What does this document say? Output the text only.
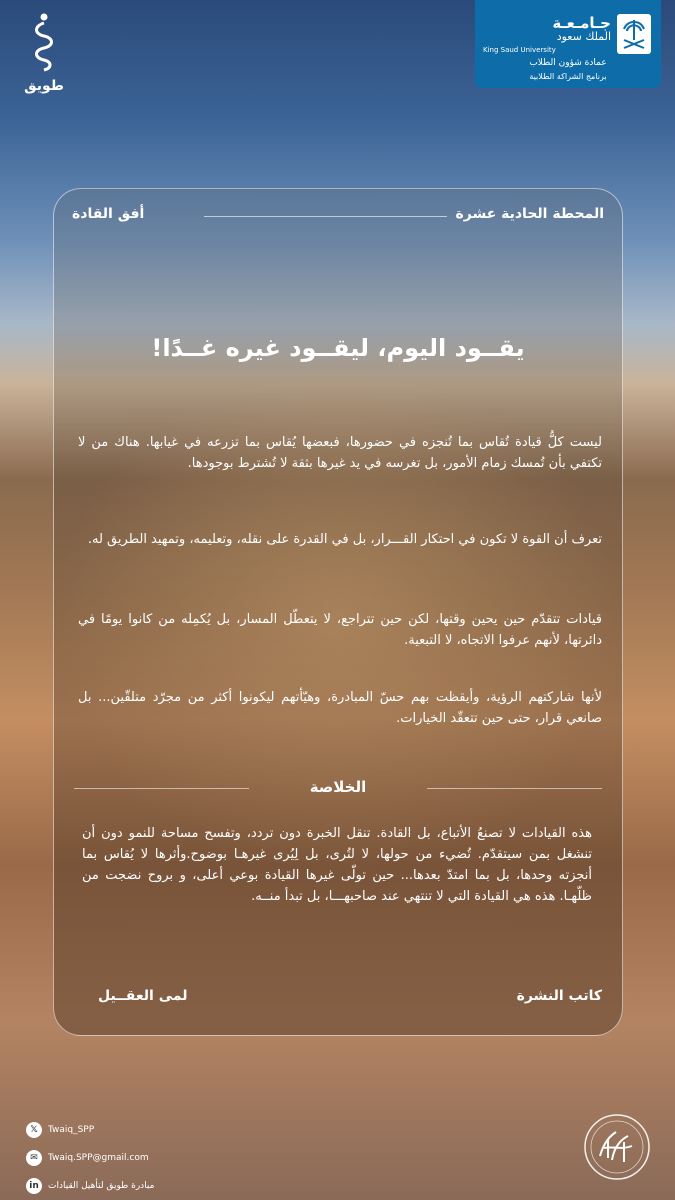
جـامـعـة
الملك سعود
King Saud University
عمادة شؤون الطلاب
برنامج الشراكة الطلابية
طويق
المحطة الحادية عشرة
أفق القادة
يقــود اليوم، ليقــود غيره غــدًا!
ليست كلُّ قيادة تُقاس بما تُنجزه في حضورها، فبعضها يُقاس بما تزرعه في غيابها. هناك من لا تكتفي بأن تُمسك زمام الأمور، بل تغرسه في يد غيرها بثقة لا تُشترط بوجودها.
تعرف أن القوة لا تكون في احتكار القـــرار، بل في القدرة على نقله، وتعليمه، وتمهيد الطريق له.
قيادات تتقدّم حين يحين وقتها، لكن حين تتراجع، لا يتعطّل المسار، بل يُكمِله من كانوا يومًا في دائرتها، لأنهم عرفوا الاتجاه، لا التبعية.
لأنها شاركتهم الرؤية، وأيقظت بهم حسّ المبادرة، وهيّأتهم ليكونوا أكثر من مجرّد متلقّين... بل صانعي قرار، حتى حين تتعقّد الخيارات.
الخلاصة
هذه القيادات لا تصنعُ الأتباع، بل القادة. تنقل الخبرة دون تردد، وتفسح مساحة للنمو دون أن تنشغل بمن سيتقدّم. تُضيء من حولها، لا لتُرى، بل لِيُرى غيرهـا بوضوح.وأثرها لا يُقاس بما أنجزته وحدها، بل بما امتدّ بعدها... حين تولّى غيرها القيادة بوعي أعلى، و بروح نضجت من ظلّهـا. هذه هي القيادة التي لا تنتهي عند صاحبهـــا، بل تبدأ منــه.
كاتب النشرة
لمى العقــيل
𝕏	Twaiq_SPP
✉	Twaiq.SPP@gmail.com
in	مبادرة طويق لتأهيل القيادات
